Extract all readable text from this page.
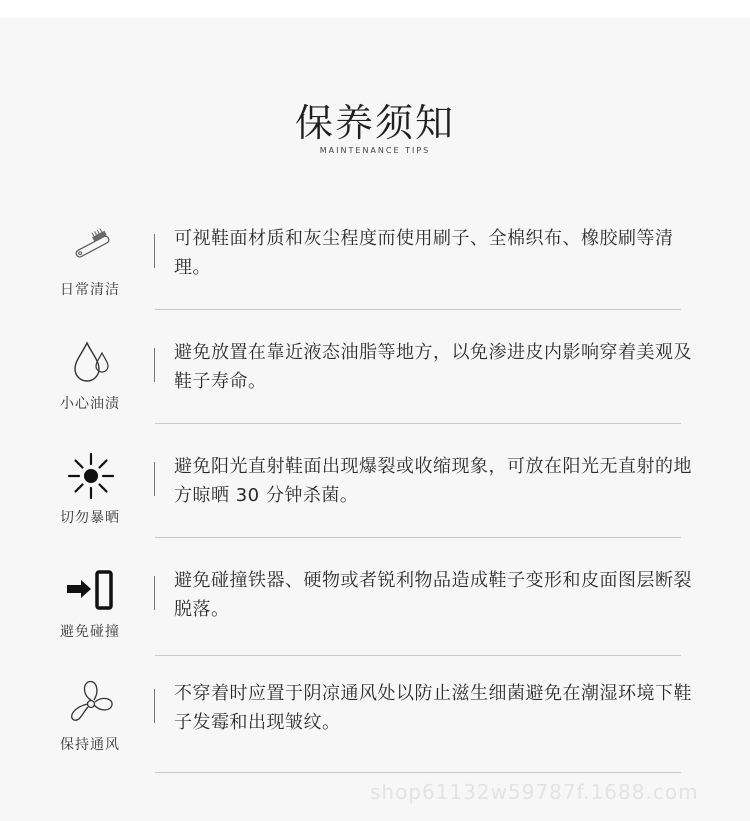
保养须知
MAINTENANCE TIPS
日常清洁
可视鞋面材质和灰尘程度而使用刷子、全棉织布、橡胶刷等清理。
小心油渍
避免放置在靠近液态油脂等地方，以免渗进皮内影响穿着美观及鞋子寿命。
切勿暴晒
避免阳光直射鞋面出现爆裂或收缩现象，可放在阳光无直射的地方晾晒 30 分钟杀菌。
避免碰撞
避免碰撞铁器、硬物或者锐利物品造成鞋子变形和皮面图层断裂脱落。
保持通风
不穿着时应置于阴凉通风处以防止滋生细菌避免在潮湿环境下鞋子发霉和出现皱纹。
shop61132w59787f.1688.com
